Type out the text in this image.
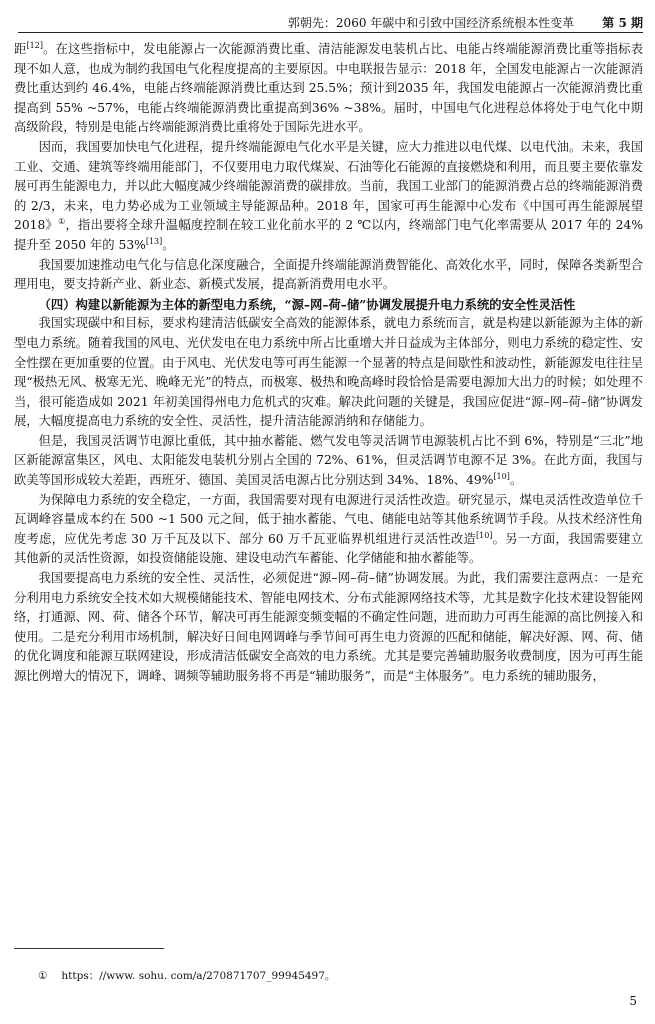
郭朝先：2060 年碳中和引致中国经济系统根本性变革 第 5 期

距[12]。在这些指标中，发电能源占一次能源消费比重、清洁能源发电装机占比、电能占终端能源消费比重等指标表现不如人意，也成为制约我国电气化程度提高的主要原因。中电联报告显示：2018 年，全国发电能源占一次能源消费比重达到约 46.4%，电能占终端能源消费比重达到 25.5%；预计到2035 年，我国发电能源占一次能源消费比重提高到 55% ~57%，电能占终端能源消费比重提高到36% ~38%。届时，中国电气化进程总体将处于电气化中期高级阶段，特别是电能占终端能源消费比重将处于国际先进水平。

因而，我国要加快电气化进程，提升终端能源电气化水平是关键，应大力推进以电代煤、以电代油。未来，我国工业、交通、建筑等终端用能部门，不仅要用电力取代煤炭、石油等化石能源的直接燃烧和利用，而且要主要依靠发展可再生能源电力，并以此大幅度减少终端能源消费的碳排放。当前，我国工业部门的能源消费占总的终端能源消费的 2/3，未来，电力势必成为工业领域主导能源品种。2018 年，国家可再生能源中心发布《中国可再生能源展望 2018》①，指出要将全球升温幅度控制在较工业化前水平的 2 ℃以内，终端部门电气化率需要从 2017 年的 24% 提升至 2050 年的 53%[13]。

我国要加速推动电气化与信息化深度融合，全面提升终端能源消费智能化、高效化水平，同时，保障各类新型合理用电，要支持新产业、新业态、新模式发展，提高新消费用电水平。

（四）构建以新能源为主体的新型电力系统，“源–网–荷–储”协调发展提升电力系统的安全性灵活性

我国实现碳中和目标，要求构建清洁低碳安全高效的能源体系，就电力系统而言，就是构建以新能源为主体的新型电力系统。随着我国的风电、光伏发电在电力系统中所占比重增大并日益成为主体部分，则电力系统的稳定性、安全性摆在更加重要的位置。由于风电、光伏发电等可再生能源一个显著的特点是间歇性和波动性，新能源发电往往呈现“极热无风、极寒无光、晚峰无光”的特点，而极寒、极热和晚高峰时段恰恰是需要电源加大出力的时候；如处理不当，很可能造成如 2021 年初美国得州电力危机式的灾难。解决此问题的关键是，我国应促进“源–网–荷–储”协调发展，大幅度提高电力系统的安全性、灵活性，提升清洁能源消纳和存储能力。

但是，我国灵活调节电源比重低，其中抽水蓄能、燃气发电等灵活调节电源装机占比不到 6%，特别是“三北”地区新能源富集区，风电、太阳能发电装机分别占全国的 72%、61%，但灵活调节电源不足 3%。在此方面，我国与欧美等国形成较大差距，西班牙、德国、美国灵活电源占比分别达到 34%、18%、49%[10]。

为保障电力系统的安全稳定，一方面，我国需要对现有电源进行灵活性改造。研究显示，煤电灵活性改造单位千瓦调峰容量成本约在 500 ~1 500 元之间，低于抽水蓄能、气电、储能电站等其他系统调节手段。从技术经济性角度考虑，应优先考虑 30 万千瓦及以下、部分 60 万千瓦亚临界机组进行灵活性改造[10]。另一方面，我国需要建立其他新的灵活性资源，如投资储能设施、建设电动汽车蓄能、化学储能和抽水蓄能等。

我国要提高电力系统的安全性、灵活性，必须促进“源–网–荷–储”协调发展。为此，我们需要注意两点：一是充分利用电力系统安全技术如大规模储能技术、智能电网技术、分布式能源网络技术等，尤其是数字化技术建设智能网络，打通源、网、荷、储各个环节，解决可再生能源变频变幅的不确定性问题，进而助力可再生能源的高比例接入和使用。二是充分利用市场机制，解决好日间电网调峰与季节间可再生电力资源的匹配和储能，解决好源、网、荷、储的优化调度和能源互联网建设，形成清洁低碳安全高效的电力系统。尤其是要完善辅助服务收费制度，因为可再生能源比例增大的情况下，调峰、调频等辅助服务将不再是“辅助服务”，而是“主体服务”。电力系统的辅助服务，

① https：//www. sohu. com/a/270871707_99945497。
5
